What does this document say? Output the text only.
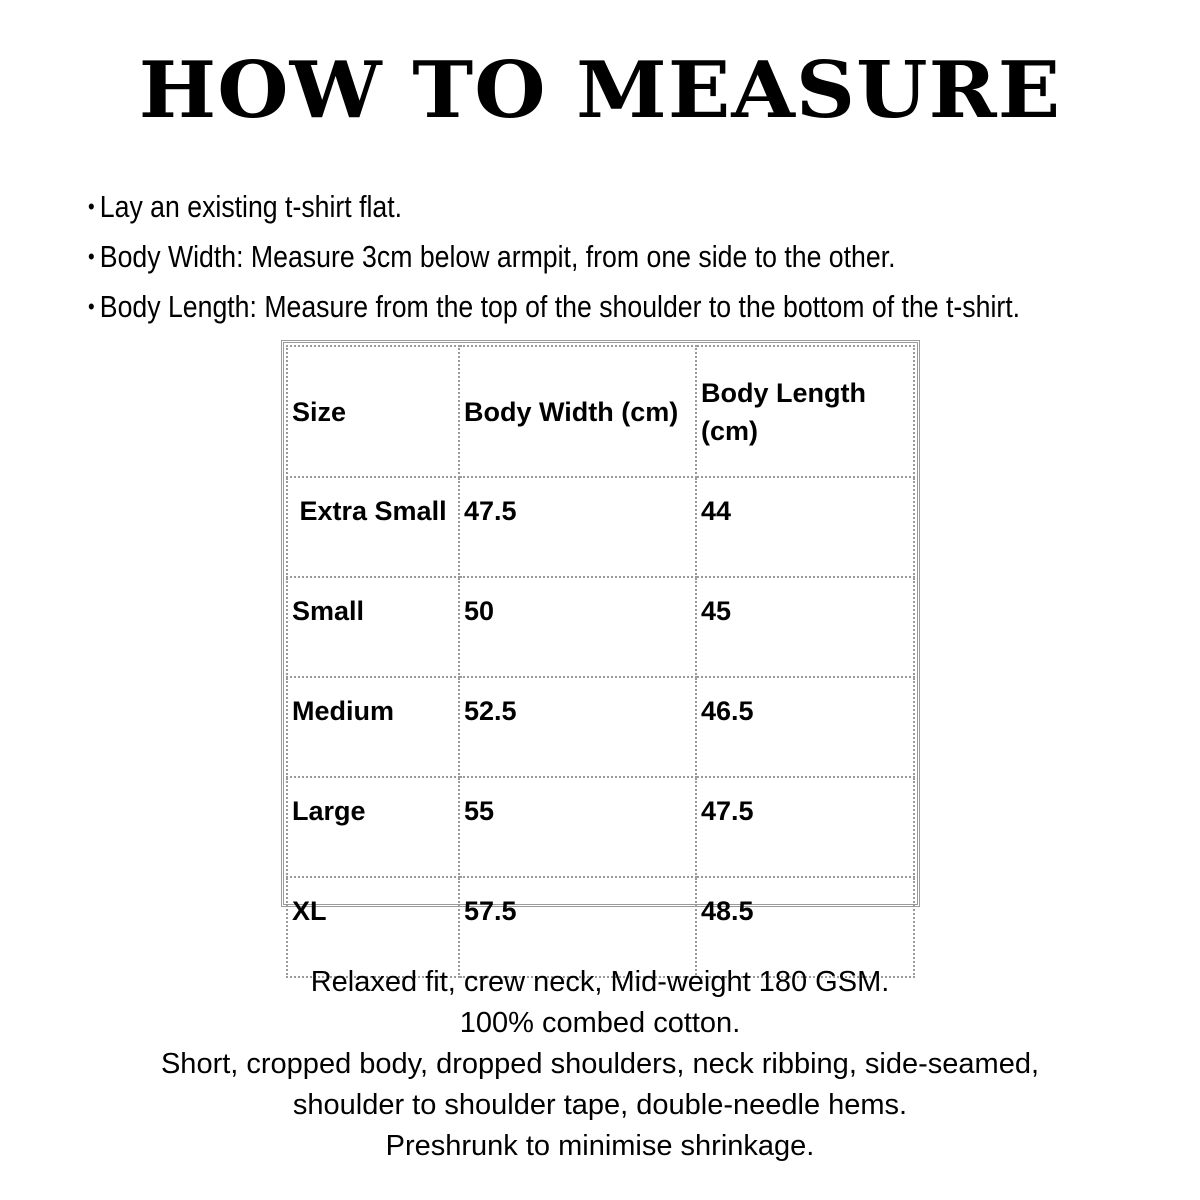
HOW TO MEASURE
• Lay an existing t-shirt flat.
• Body Width: Measure 3cm below armpit, from one side to the other.
• Body Length: Measure from the top of the shoulder to the bottom of the t-shirt.
Size	Body Width (cm)	Body Length (cm)
Extra Small	47.5	44
Small	50	45
Medium	52.5	46.5
Large	55	47.5
XL	57.5	48.5
Relaxed fit, crew neck, Mid-weight 180 GSM.
100% combed cotton.
Short, cropped body, dropped shoulders, neck ribbing, side-seamed,
shoulder to shoulder tape, double-needle hems.
Preshrunk to minimise shrinkage.
